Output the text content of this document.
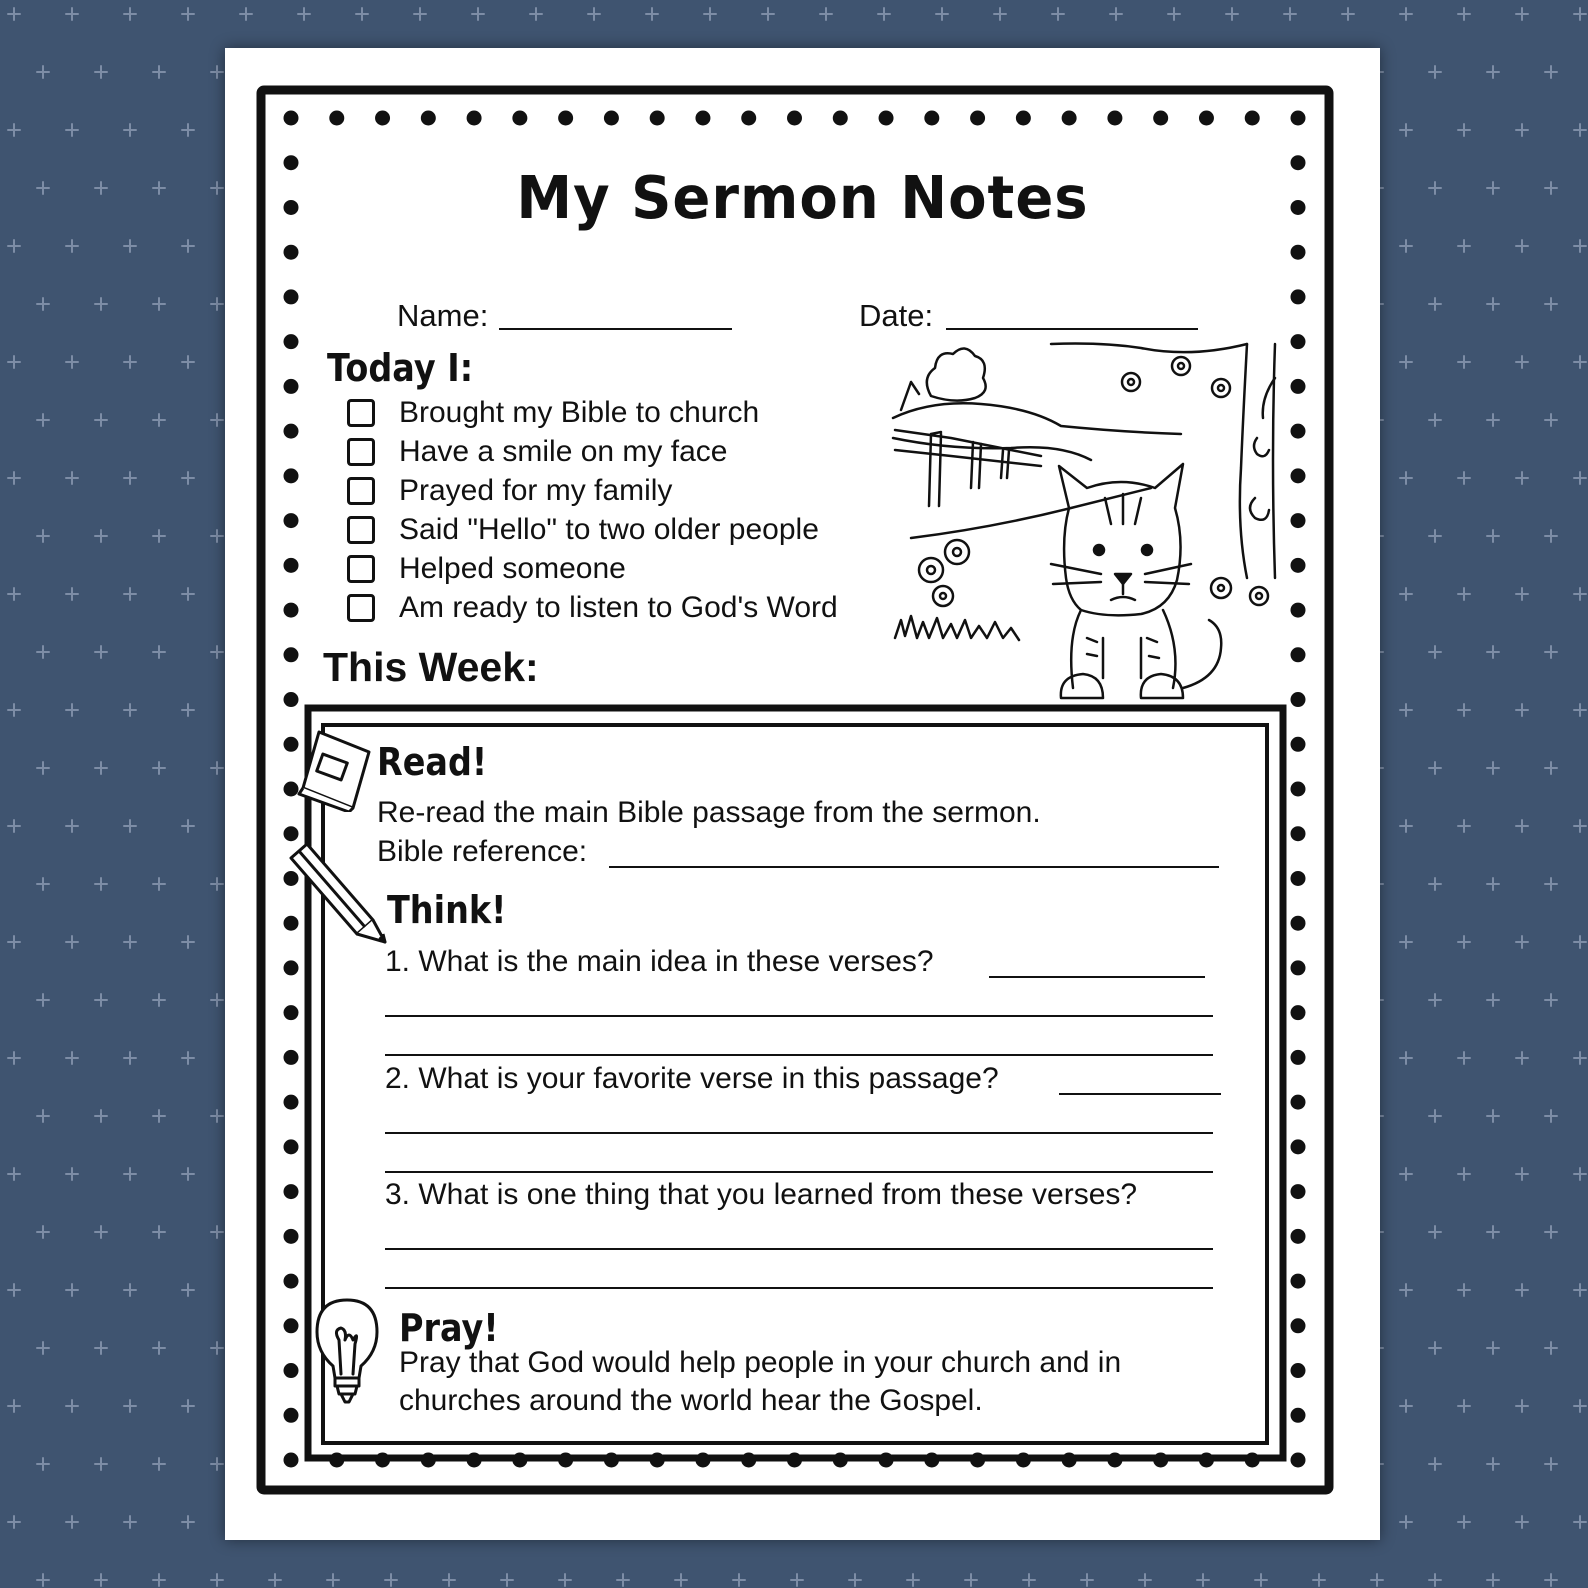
My Sermon Notes
Name:	Date:
Today I:
Brought my Bible to church
Have a smile on my face
Prayed for my family
Said "Hello" to two older people
Helped someone
Am ready to listen to God's Word
This Week:
Read!
Re-read the main Bible passage from the sermon.
Bible reference:
Think!
1. What is the main idea in these verses?
2. What is your favorite verse in this passage?
3. What is one thing that you learned from these verses?
Pray!
Pray that God would help people in your church and in
churches around the world hear the Gospel.
